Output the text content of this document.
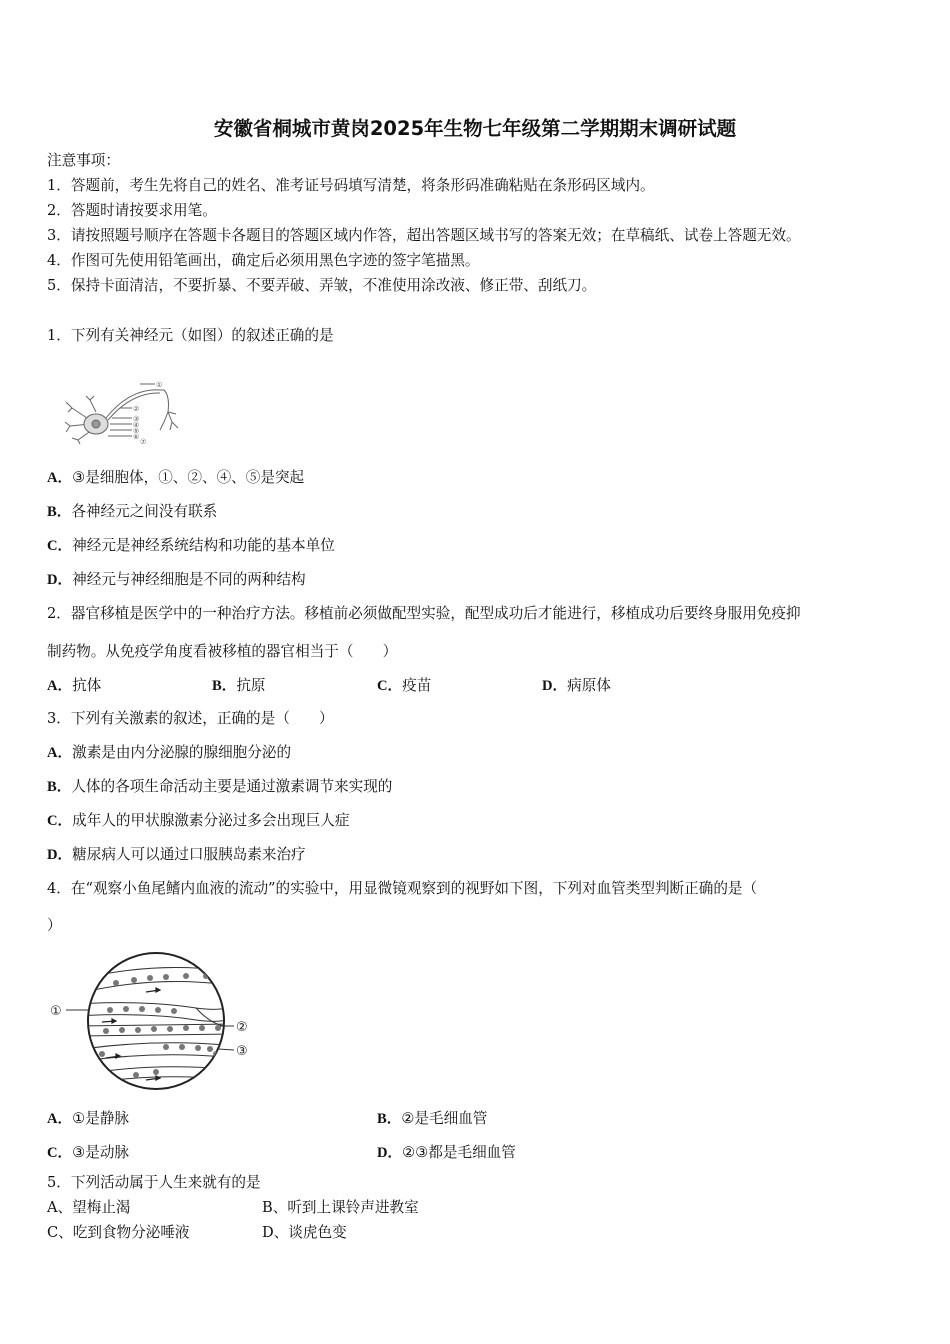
安徽省桐城市黄岗2025年生物七年级第二学期期末调研试题
注意事项：
1．答题前，考生先将自己的姓名、准考证号码填写清楚，将条形码准确粘贴在条形码区域内。
2．答题时请按要求用笔。
3．请按照题号顺序在答题卡各题目的答题区域内作答，超出答题区域书写的答案无效；在草稿纸、试卷上答题无效。
4．作图可先使用铅笔画出，确定后必须用黑色字迹的签字笔描黑。
5．保持卡面清洁，不要折暴、不要弄破、弄皱，不准使用涂改液、修正带、刮纸刀。
1．下列有关神经元（如图）的叙述正确的是
①
②
③
④
⑤
⑥
⑦
A．③是细胞体，①、②、④、⑤是突起
B．各神经元之间没有联系
C．神经元是神经系统结构和功能的基本单位
D．神经元与神经细胞是不同的两种结构
2．器官移植是医学中的一种治疗方法。移植前必须做配型实验，配型成功后才能进行，移植成功后要终身服用免疫抑
制药物。从免疫学角度看被移植的器官相当于（　　）
A．抗体	B．抗原	C．疫苗	D．病原体
3．下列有关激素的叙述，正确的是（　　）
A．激素是由内分泌腺的腺细胞分泌的
B．人体的各项生命活动主要是通过激素调节来实现的
C．成年人的甲状腺激素分泌过多会出现巨人症
D．糖尿病人可以通过口服胰岛素来治疗
4．在“观察小鱼尾鳍内血液的流动”的实验中，用显微镜观察到的视野如下图，下列对血管类型判断正确的是（
）
①
②
③
A．①是静脉	B．②是毛细血管
C．③是动脉	D．②③都是毛细血管
5．下列活动属于人生来就有的是
A、望梅止渴	B、听到上课铃声进教室
C、吃到食物分泌唾液	D、谈虎色变
